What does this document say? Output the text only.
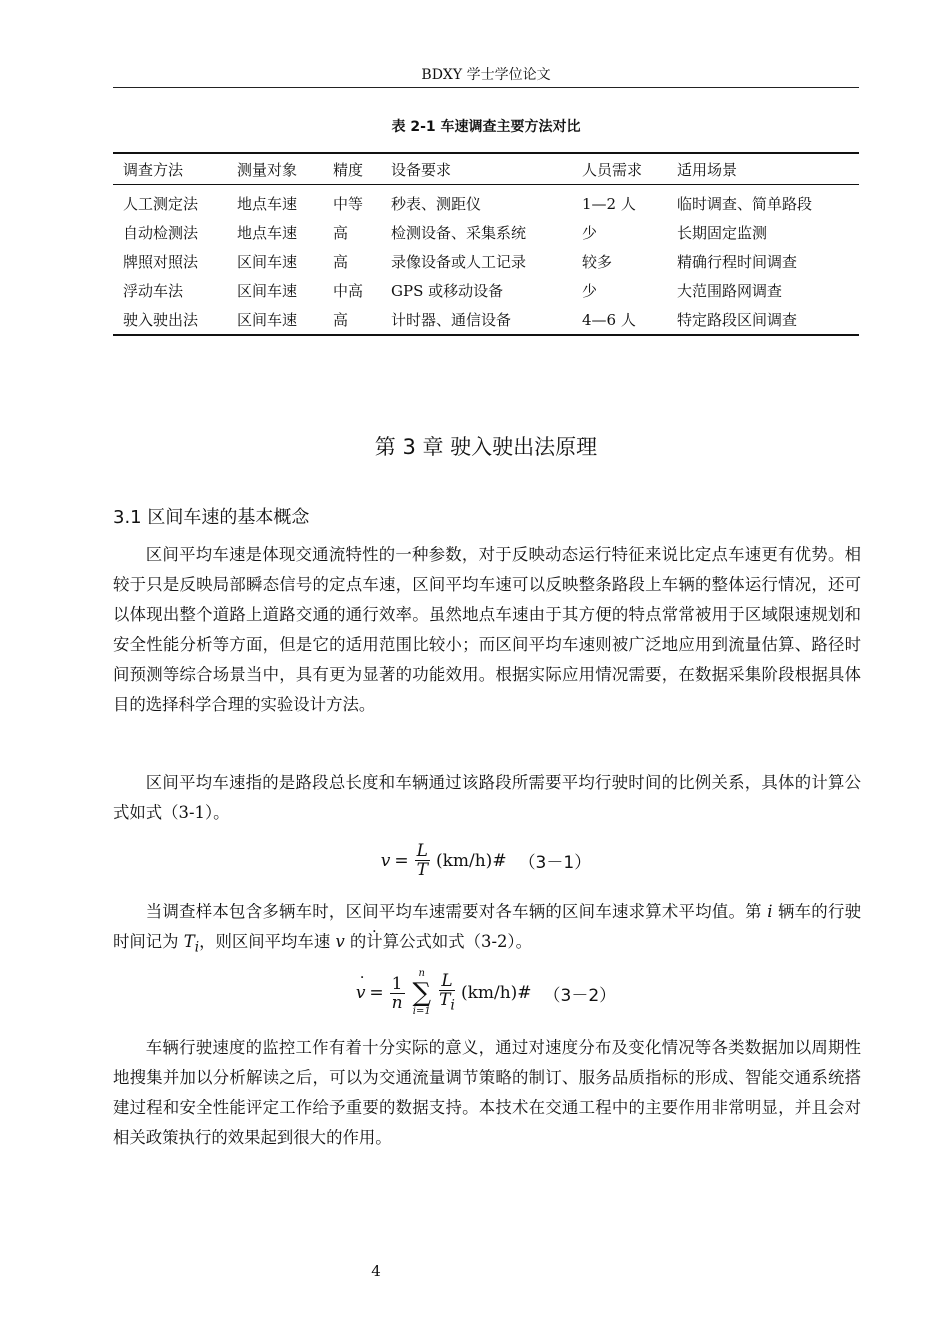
BDXY 学士学位论文
表 2-1 车速调查主要方法对比
调查方法	测量对象	精度	设备要求	人员需求	适用场景
人工测定法	地点车速	中等	秒表、测距仪	1—2 人	临时调查、简单路段
自动检测法	地点车速	高	检测设备、采集系统	少	长期固定监测
牌照对照法	区间车速	高	录像设备或人工记录	较多	精确行程时间调查
浮动车法	区间车速	中高	GPS 或移动设备	少	大范围路网调查
驶入驶出法	区间车速	高	计时器、通信设备	4—6 人	特定路段区间调查
第 3 章 驶入驶出法原理
3.1 区间车速的基本概念

区间平均车速是体现交通流特性的一种参数，对于反映动态运行特征来说比定点车速更有优势。相较于只是反映局部瞬态信号的定点车速，区间平均车速可以反映整条路段上车辆的整体运行情况，还可以体现出整个道路上道路交通的通行效率。虽然地点车速由于其方便的特点常常被用于区域限速规划和安全性能分析等方面，但是它的适用范围比较小；而区间平均车速则被广泛地应用到流量估算、路径时间预测等综合场景当中，具有更为显著的功能效用。根据实际应用情况需要，在数据采集阶段根据具体目的选择科学合理的实验设计方法。

区间平均车速指的是路段总长度和车辆通过该路段所需要平均行驶时间的比例关系，具体的计算公式如式（3-1）。

$v = \frac{L}{T}$ (km/h)# （3－1）

当调查样本包含多辆车时，区间平均车速需要对各车辆的区间车速求算术平均值。第 i 辆车的行驶时间记为 $T_i$，则区间平均车速 v ˙ 的计算公式如式（3-2）。

v ˙ = $\frac{1}{n}$
n
∑
$i=1 \frac{L}{T_i}$ (km/h)# （3－2）

车辆行驶速度的监控工作有着十分实际的意义，通过对速度分布及变化情况等各类数据加以周期性地搜集并加以分析解读之后，可以为交通流量调节策略的制订、服务品质指标的形成、智能交通系统搭建过程和安全性能评定工作给予重要的数据支持。本技术在交通工程中的主要作用非常明显，并且会对相关政策执行的效果起到很大的作用。

4
